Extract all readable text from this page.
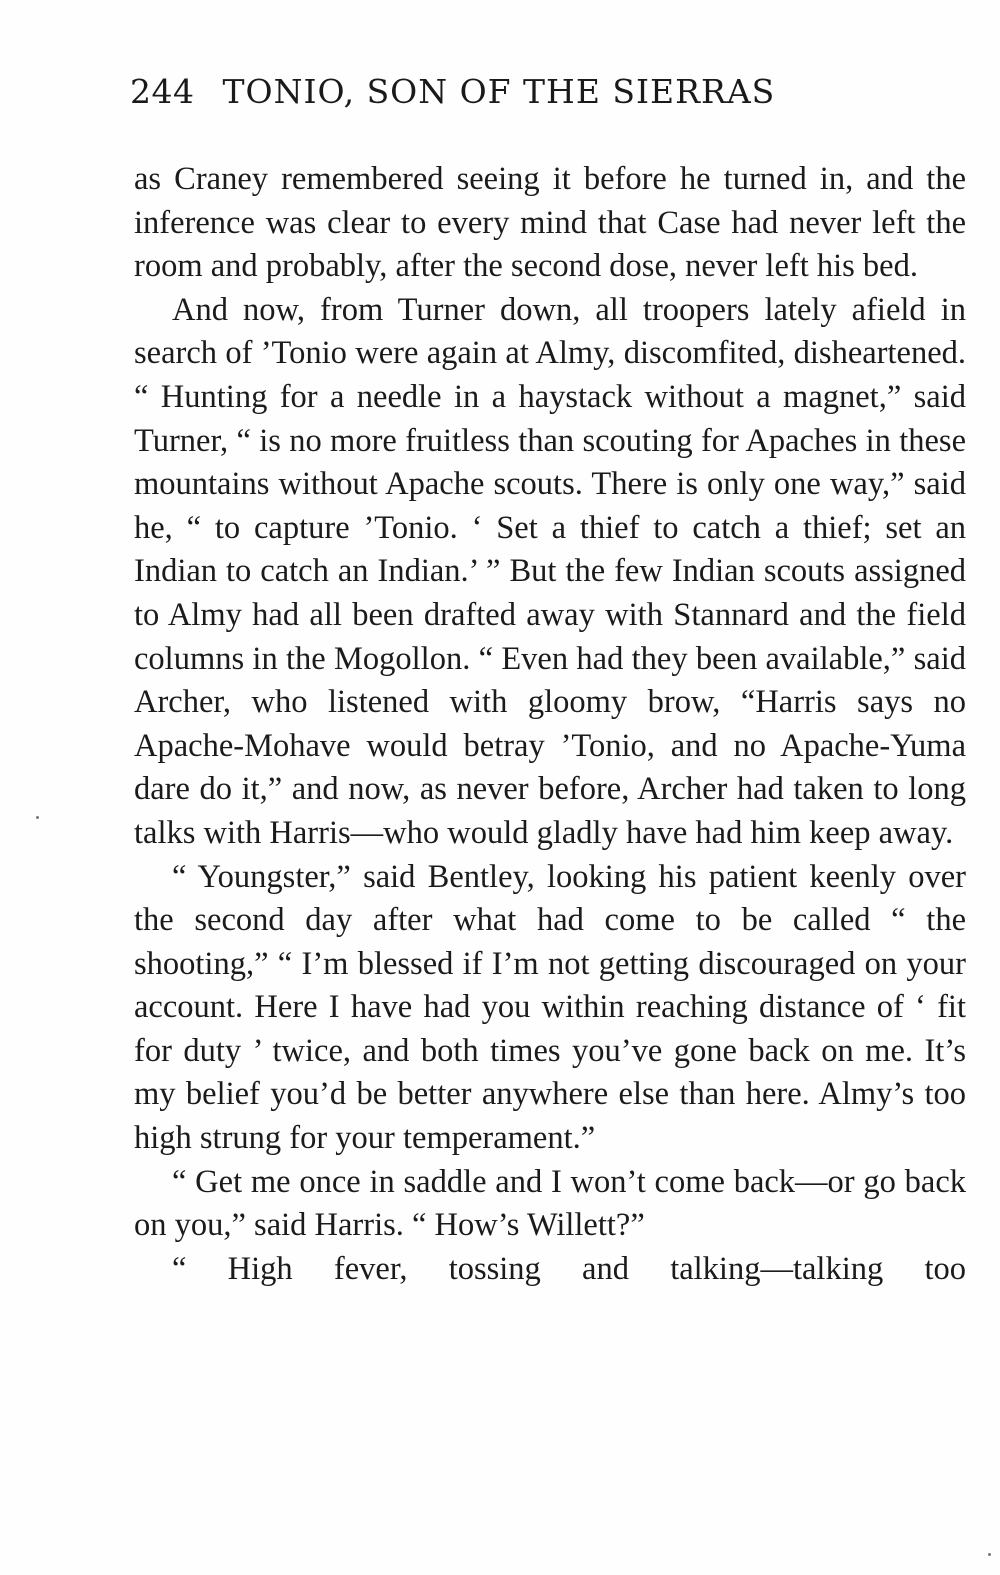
244 TONIO, SON OF THE SIERRAS

as Craney remembered seeing it before he turned in, and the inference was clear to every mind that Case had never left the room and probably, after the second dose, never left his bed.

And now, from Turner down, all troopers lately afield in search of ’Tonio were again at Almy, discomfited, disheartened. “ Hunting for a needle in a haystack without a magnet,” said Turner, “ is no more fruitless than scouting for Apaches in these mountains without Apache scouts. There is only one way,” said he, “ to capture ’Tonio. ‘ Set a thief to catch a thief; set an Indian to catch an Indian.’ ” But the few Indian scouts assigned to Almy had all been drafted away with Stannard and the field columns in the Mogollon. “ Even had they been available,” said Archer, who listened with gloomy brow, “Harris says no Apache-Mohave would betray ’Tonio, and no Apache-Yuma dare do it,” and now, as never before, Archer had taken to long talks with Harris—who would gladly have had him keep away.

“ Youngster,” said Bentley, looking his patient keenly over the second day after what had come to be called “ the shooting,” “ I’m blessed if I’m not getting discouraged on your account. Here I have had you within reaching distance of ‘ fit for duty ’ twice, and both times you’ve gone back on me. It’s my belief you’d be better anywhere else than here. Almy’s too high strung for your temperament.”

“ Get me once in saddle and I won’t come back—or go back on you,” said Harris. “ How’s Willett?”

“ High fever, tossing and talking—talking too
